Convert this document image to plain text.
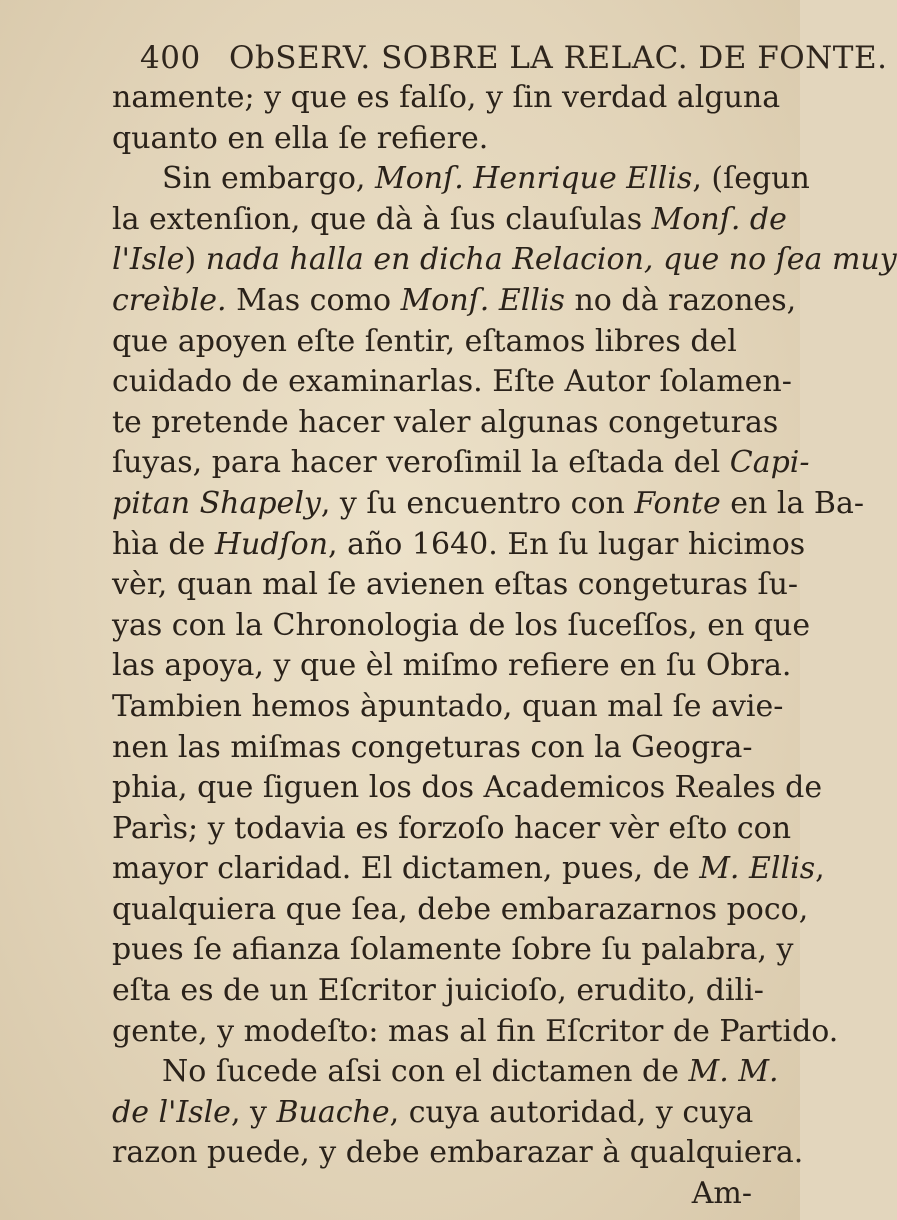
400 ObSERV. SOBRE LA RELAC. DE FONTE.
namente; y que es falſo, y ſin verdad alguna
quanto en ella ſe refiere.
Sin embargo, Monſ. Henrique Ellis, (ſegun
la extenſion, que dà à ſus clauſulas Monſ. de
l'Isle) nada halla en dicha Relacion, que no ſea muy
creìble. Mas como Monſ. Ellis no dà razones,
que apoyen eſte ſentir, eſtamos libres del
cuidado de examinarlas. Eſte Autor ſolamen-
te pretende hacer valer algunas congeturas
ſuyas, para hacer veroſimil la eſtada del Capi-
pitan Shapely, y ſu encuentro con Fonte en la Ba-
hìa de Hudſon, año 1640. En ſu lugar hicimos
vèr, quan mal ſe avienen eſtas congeturas ſu-
yas con la Chronologia de los ſuceſſos, en que
las apoya, y que èl miſmo refiere en ſu Obra.
Tambien hemos àpuntado, quan mal ſe avie-
nen las miſmas congeturas con la Geogra-
phia, que ſiguen los dos Academicos Reales de
Parìs; y todavia es forzoſo hacer vèr eſto con
mayor claridad. El dictamen, pues, de M. Ellis,
qualquiera que ſea, debe embarazarnos poco,
pues ſe afianza ſolamente ſobre ſu palabra, y
eſta es de un Eſcritor juicioſo, erudito, dili-
gente, y modeſto: mas al fin Eſcritor de Partido.
No ſucede aſsi con el dictamen de M. M.
de l'Isle, y Buache, cuya autoridad, y cuya
razon puede, y debe embarazar à qualquiera.
Am-
